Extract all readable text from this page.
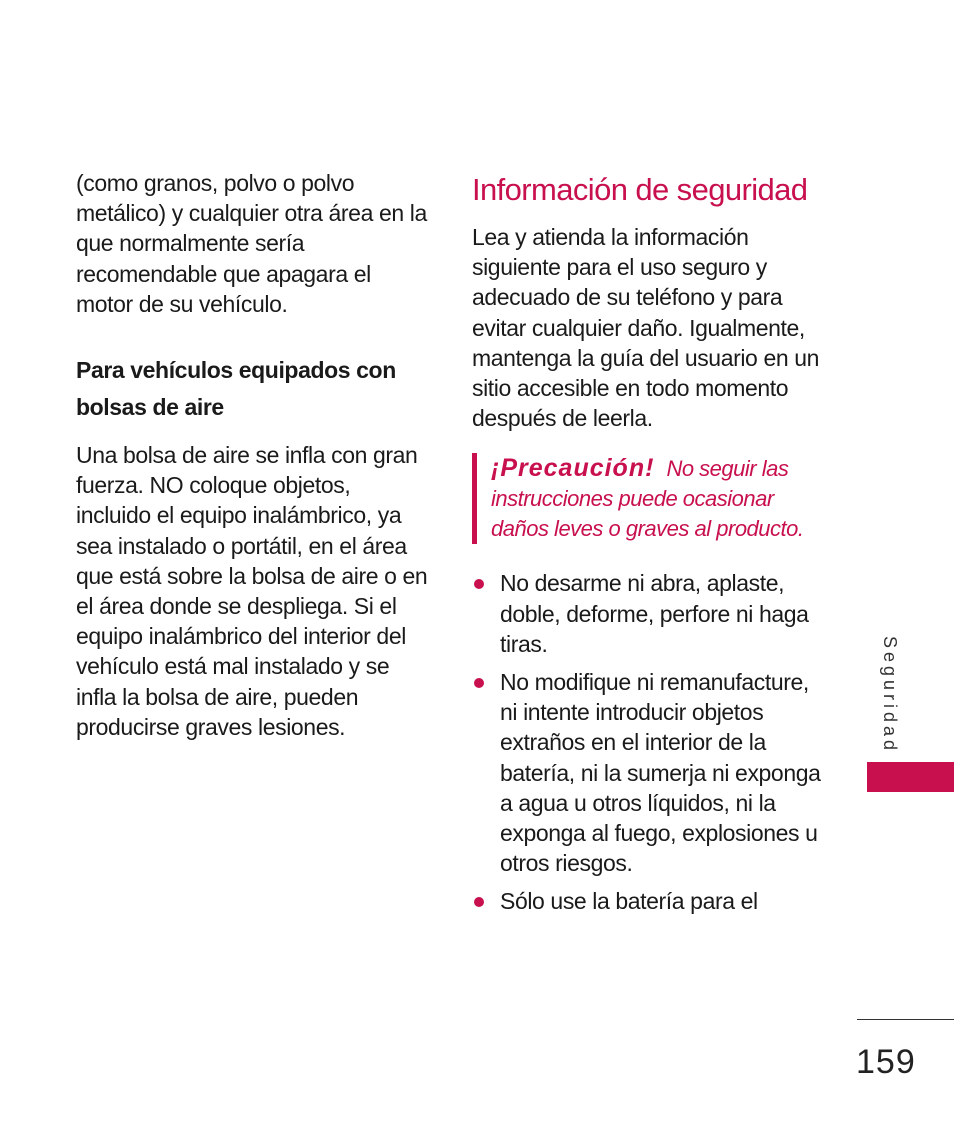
(como granos, polvo o polvo metálico) y cualquier otra área en la que normalmente sería recomendable que apagara el motor de su vehículo.

Para vehículos equipados con bolsas de aire

Una bolsa de aire se infla con gran fuerza. NO coloque objetos, incluido el equipo inalámbrico, ya sea instalado o portátil, en el área que está sobre la bolsa de aire o en el área donde se despliega. Si el equipo inalámbrico del interior del vehículo está mal instalado y se infla la bolsa de aire, pueden producirse graves lesiones.

Información de seguridad

Lea y atienda la información siguiente para el uso seguro y adecuado de su teléfono y para evitar cualquier daño. Igualmente, mantenga la guía del usuario en un sitio accesible en todo momento después de leerla.

¡Precaución! No seguir las instrucciones puede ocasionar daños leves o graves al producto.
No desarme ni abra, aplaste, doble, deforme, perfore ni haga tiras.
No modifique ni remanufacture, ni intente introducir objetos extraños en el interior de la batería, ni la sumerja ni exponga a agua u otros líquidos, ni la exponga al fuego, explosiones u otros riesgos.
Sólo use la batería para el
Seguridad
159
